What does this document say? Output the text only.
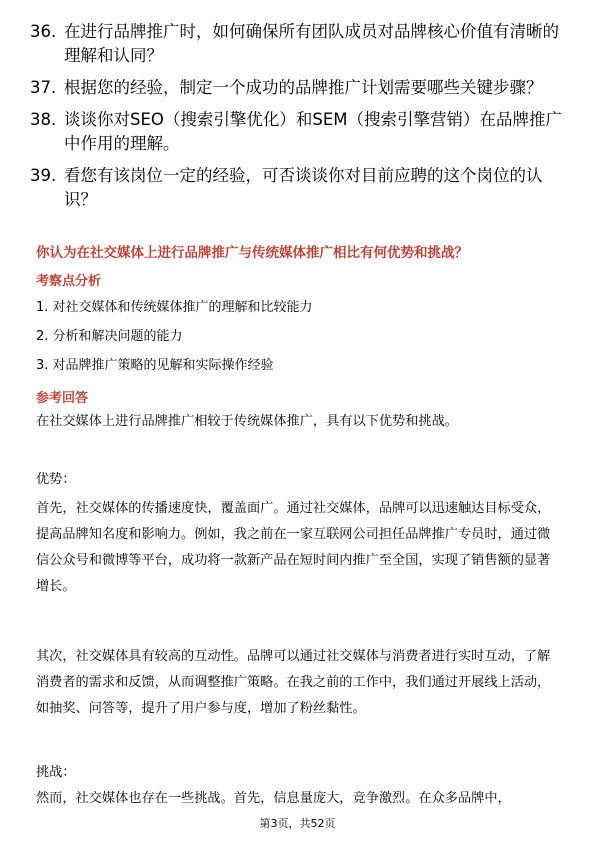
36. 在进行品牌推广时，如何确保所有团队成员对品牌核心价值有清晰的理解和认同？
37. 根据您的经验，制定一个成功的品牌推广计划需要哪些关键步骤？
38. 谈谈你对SEO（搜索引擎优化）和SEM（搜索引擎营销）在品牌推广中作用的理解。
39. 看您有该岗位一定的经验，可否谈谈你对目前应聘的这个岗位的认识？
你认为在社交媒体上进行品牌推广与传统媒体推广相比有何优势和挑战？
考察点分析
1. 对社交媒体和传统媒体推广的理解和比较能力
2. 分析和解决问题的能力
3. 对品牌推广策略的见解和实际操作经验
参考回答
在社交媒体上进行品牌推广相较于传统媒体推广，具有以下优势和挑战。
优势：
首先，社交媒体的传播速度快，覆盖面广。通过社交媒体，品牌可以迅速触达目标受众，提高品牌知名度和影响力。例如，我之前在一家互联网公司担任品牌推广专员时，通过微信公众号和微博等平台，成功将一款新产品在短时间内推广至全国，实现了销售额的显著增长。
其次，社交媒体具有较高的互动性。品牌可以通过社交媒体与消费者进行实时互动，了解消费者的需求和反馈，从而调整推广策略。在我之前的工作中，我们通过开展线上活动，如抽奖、问答等，提升了用户参与度，增加了粉丝黏性。
挑战：
然而，社交媒体也存在一些挑战。首先，信息量庞大，竞争激烈。在众多品牌中，
第3页，共52页
